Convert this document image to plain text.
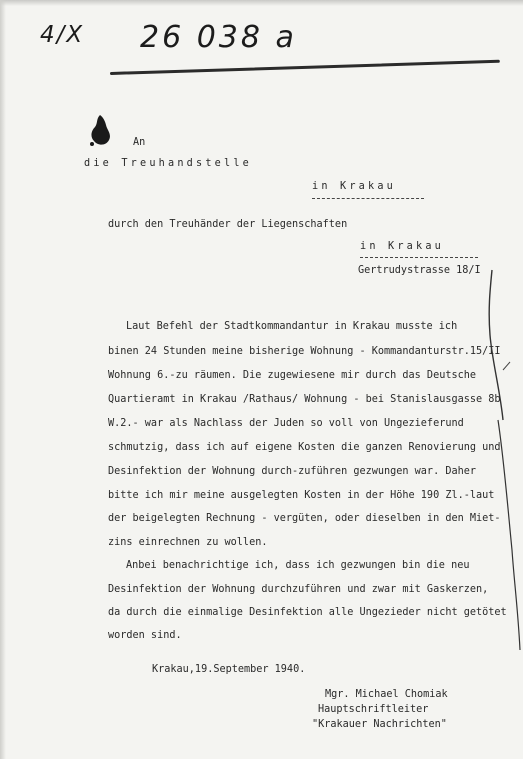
4/X 26 038 a
An
die Treuhandstelle
in Krakau
durch den Treuhänder der Liegenschaften
in Krakau
Gertrudystrasse 18/I
Laut Befehl der Stadtkommandantur in Krakau musste ich
binen 24 Stunden meine bisherige Wohnung - Kommandanturstr.15/II
Wohnung 6.-zu räumen. Die zugewiesene mir durch das Deutsche
Quartieramt in Krakau /Rathaus/ Wohnung - bei Stanislausgasse 8b
W.2.- war als Nachlass der Juden so voll von Ungezieferund
schmutzig, dass ich auf eigene Kosten die ganzen Renovierung und
Desinfektion der Wohnung durch-zuführen gezwungen war. Daher
bitte ich mir meine ausgelegten Kosten in der Höhe 190 Zl.-laut
der beigelegten Rechnung - vergüten, oder dieselben in den Miet-
zins einrechnen zu wollen.
Anbei benachrichtige ich, dass ich gezwungen bin die neu
Desinfektion der Wohnung durchzuführen und zwar mit Gaskerzen,
da durch die einmalige Desinfektion alle Ungezieder nicht getötet
worden sind.
Krakau,19.September 1940.
Mgr. Michael Chomiak
Hauptschriftleiter
"Krakauer Nachrichten"
